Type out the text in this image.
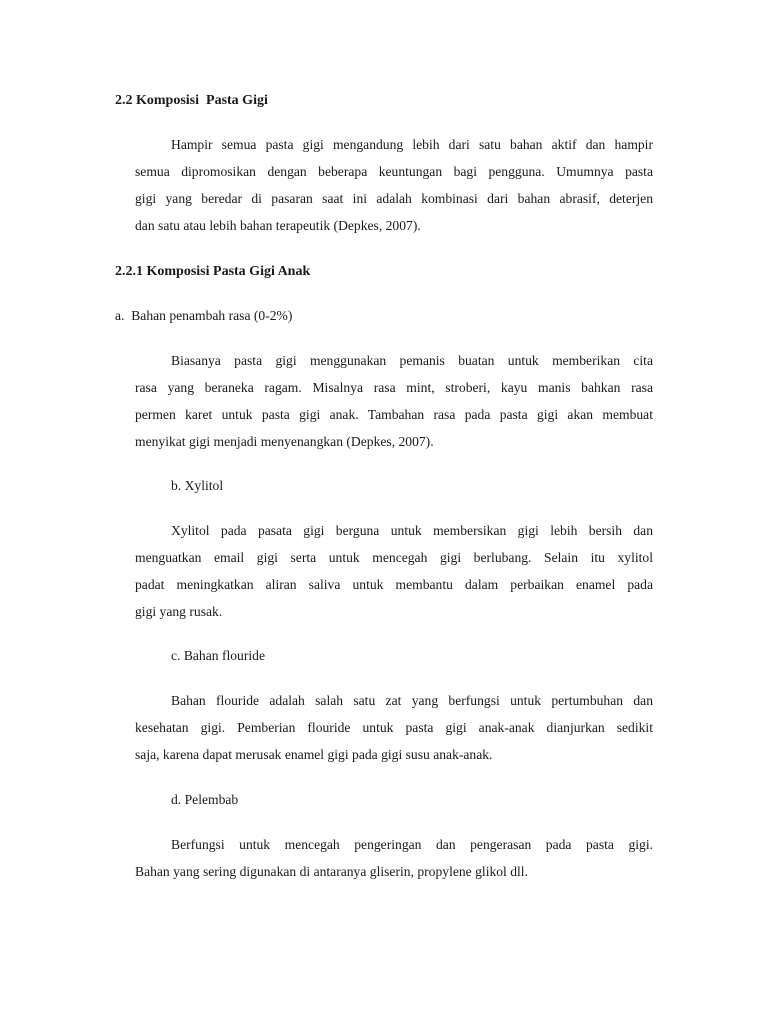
2.2 Komposisi  Pasta Gigi
Hampir semua pasta gigi mengandung lebih dari satu bahan aktif dan hampir
semua dipromosikan dengan beberapa keuntungan bagi pengguna. Umumnya pasta
gigi yang beredar di pasaran saat ini adalah kombinasi dari bahan abrasif, deterjen
dan satu atau lebih bahan terapeutik (Depkes, 2007).
2.2.1 Komposisi Pasta Gigi Anak
a.  Bahan penambah rasa (0-2%)
Biasanya pasta gigi menggunakan pemanis buatan untuk memberikan cita
rasa yang beraneka ragam. Misalnya rasa mint, stroberi, kayu manis bahkan rasa
permen karet untuk pasta gigi anak. Tambahan rasa pada pasta gigi akan membuat
menyikat gigi menjadi menyenangkan (Depkes, 2007).
b. Xylitol
Xylitol pada pasata gigi berguna untuk membersikan gigi lebih bersih dan
menguatkan email gigi serta untuk mencegah gigi berlubang. Selain itu xylitol
padat meningkatkan aliran saliva untuk membantu dalam perbaikan enamel pada
gigi yang rusak.
c. Bahan flouride
Bahan flouride adalah salah satu zat yang berfungsi untuk pertumbuhan dan
kesehatan gigi. Pemberian flouride untuk pasta gigi anak-anak dianjurkan sedikit
saja, karena dapat merusak enamel gigi pada gigi susu anak-anak.
d. Pelembab
Berfungsi untuk mencegah pengeringan dan pengerasan pada pasta gigi.
Bahan yang sering digunakan di antaranya gliserin, propylene glikol dll.
